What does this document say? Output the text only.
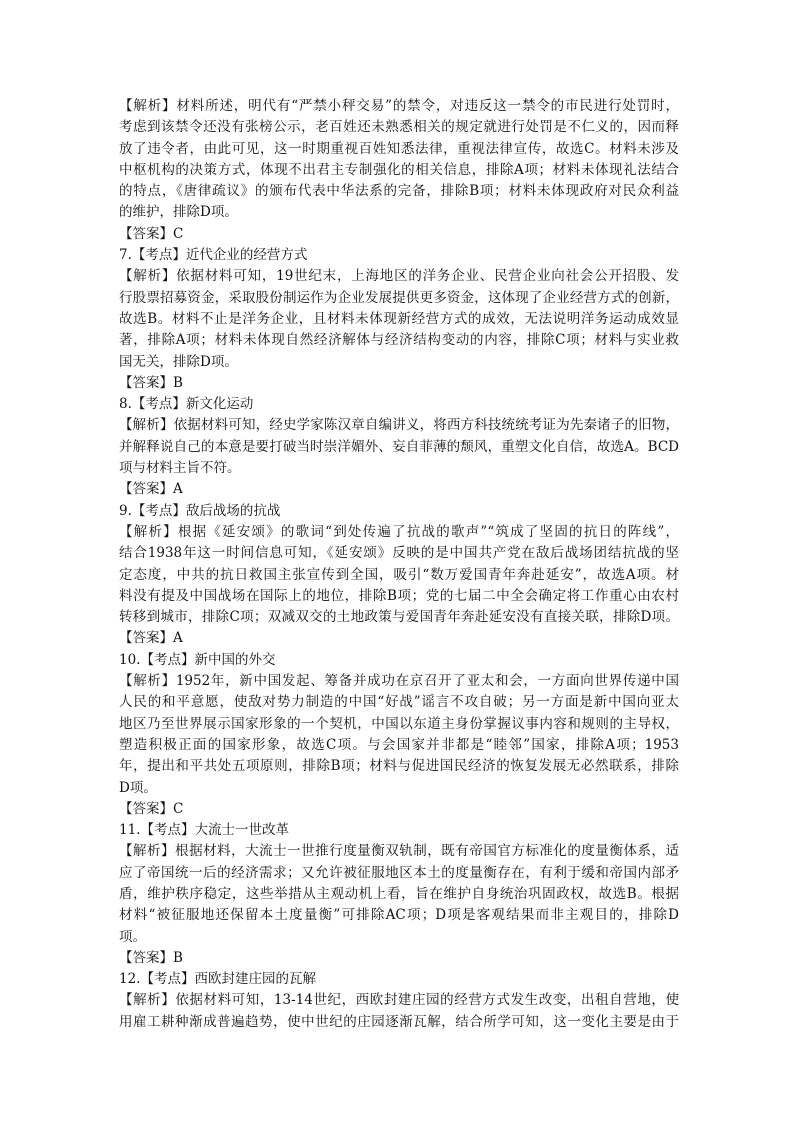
【解析】材料所述，明代有“严禁小秤交易”的禁令，对违反这一禁令的市民进行处罚时，
考虑到该禁令还没有张榜公示，老百姓还未熟悉相关的规定就进行处罚是不仁义的，因而释
放了违令者，由此可见，这一时期重视百姓知悉法律，重视法律宣传，故选C。材料未涉及
中枢机构的决策方式，体现不出君主专制强化的相关信息，排除A项；材料未体现礼法结合
的特点，《唐律疏议》的颁布代表中华法系的完备，排除B项；材料未体现政府对民众利益
的维护，排除D项。
【答案】C
7.【考点】近代企业的经营方式
【解析】依据材料可知，19世纪末，上海地区的洋务企业、民营企业向社会公开招股、发
行股票招募资金，采取股份制运作为企业发展提供更多资金，这体现了企业经营方式的创新，
故选B。材料不止是洋务企业，且材料未体现新经营方式的成效，无法说明洋务运动成效显
著，排除A项；材料未体现自然经济解体与经济结构变动的内容，排除C项；材料与实业救
国无关，排除D项。
【答案】B
8.【考点】新文化运动
【解析】依据材料可知，经史学家陈汉章自编讲义，将西方科技统统考证为先秦诸子的旧物，
并解释说自己的本意是要打破当时崇洋媚外、妄自菲薄的颓风，重塑文化自信，故选A。BCD
项与材料主旨不符。
【答案】A
9.【考点】敌后战场的抗战
【解析】根据《延安颂》的歌词“到处传遍了抗战的歌声”“筑成了坚固的抗日的阵线”，
结合1938年这一时间信息可知，《延安颂》反映的是中国共产党在敌后战场团结抗战的坚
定态度，中共的抗日救国主张宣传到全国，吸引“数万爱国青年奔赴延安”，故选A项。材
料没有提及中国战场在国际上的地位，排除B项；党的七届二中全会确定将工作重心由农村
转移到城市，排除C项；双减双交的土地政策与爱国青年奔赴延安没有直接关联，排除D项。
【答案】A
10.【考点】新中国的外交
【解析】1952年，新中国发起、筹备并成功在京召开了亚太和会，一方面向世界传递中国
人民的和平意愿，使敌对势力制造的中国“好战”谣言不攻自破；另一方面是新中国向亚太
地区乃至世界展示国家形象的一个契机，中国以东道主身份掌握议事内容和规则的主导权，
塑造积极正面的国家形象，故选C项。与会国家并非都是“睦邻”国家，排除A项；1953
年，提出和平共处五项原则，排除B项；材料与促进国民经济的恢复发展无必然联系，排除
D项。
【答案】C
11.【考点】大流士一世改革
【解析】根据材料，大流士一世推行度量衡双轨制，既有帝国官方标准化的度量衡体系，适
应了帝国统一后的经济需求；又允许被征服地区本土的度量衡存在，有利于缓和帝国内部矛
盾，维护秩序稳定，这些举措从主观动机上看，旨在维护自身统治巩固政权，故选B。根据
材料“被征服地还保留本土度量衡”可排除AC项；D项是客观结果而非主观目的，排除D
项。
【答案】B
12.【考点】西欧封建庄园的瓦解
【解析】依据材料可知，13-14世纪，西欧封建庄园的经营方式发生改变，出租自营地，使
用雇工耕种渐成普遍趋势，使中世纪的庄园逐渐瓦解，结合所学可知，这一变化主要是由于
